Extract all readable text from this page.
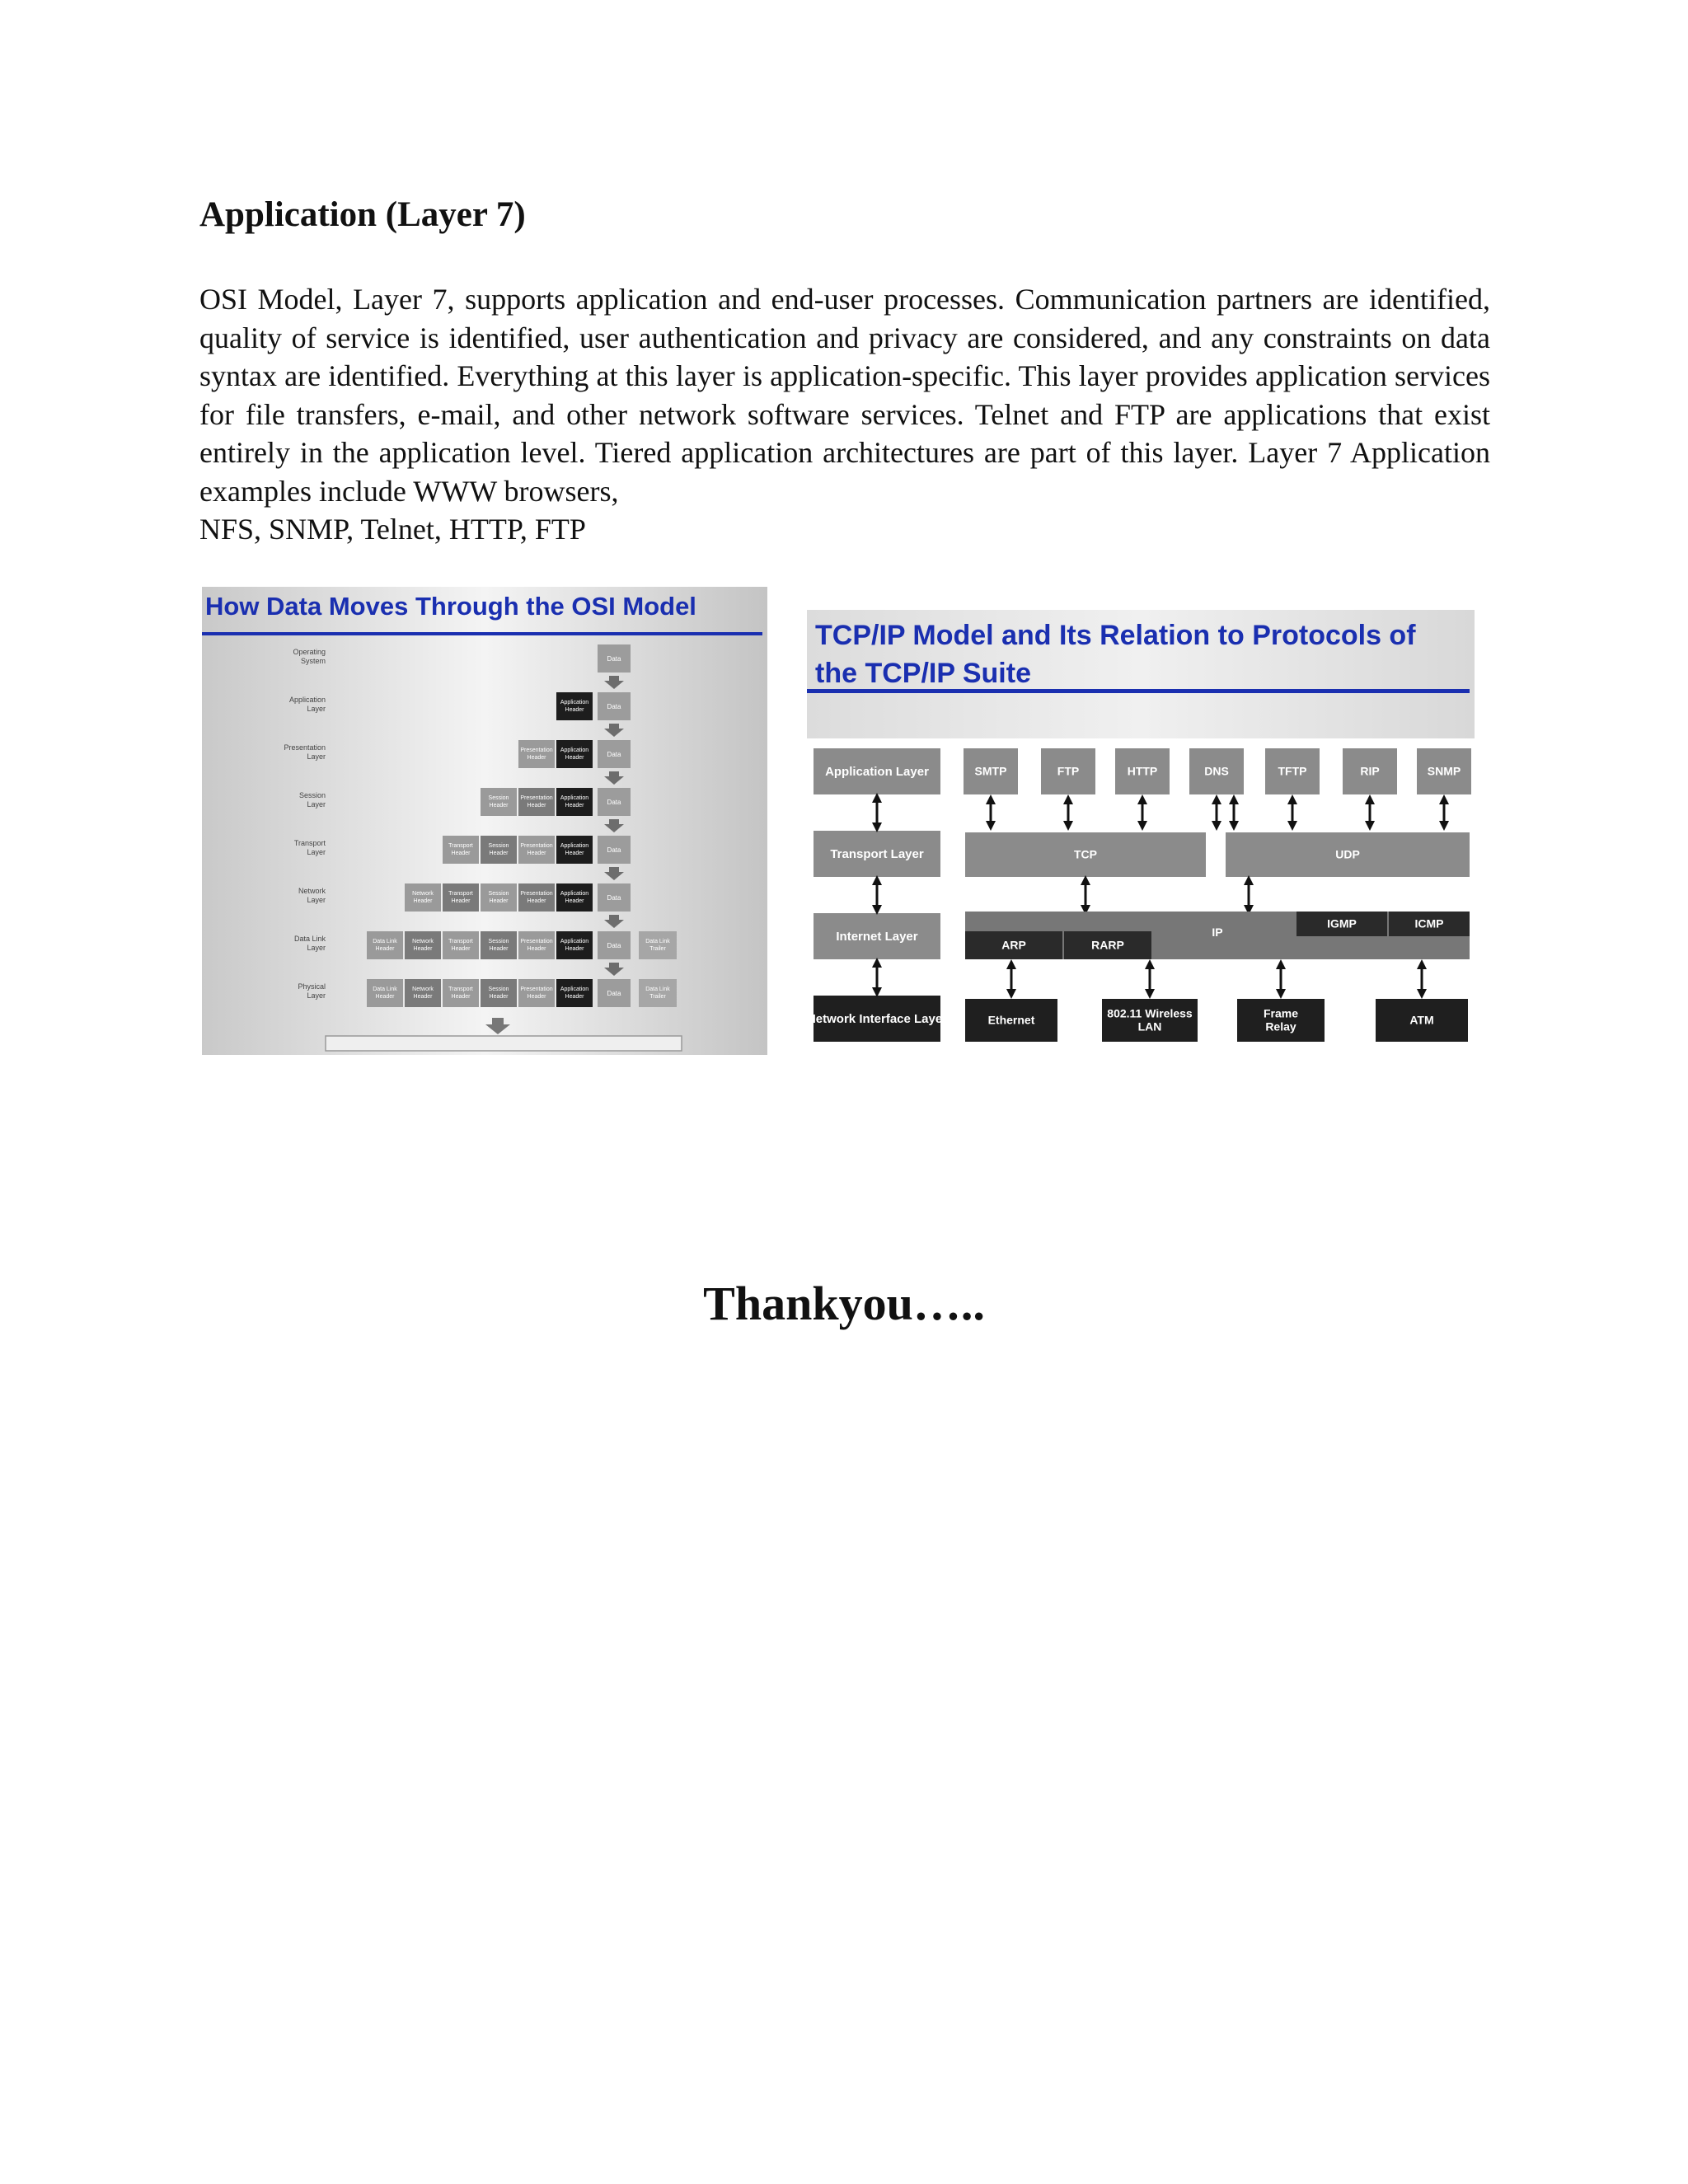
Application (Layer 7)
OSI Model, Layer 7, supports application and end-user processes. Communication partners are identified, quality of service is identified, user authentication and privacy are considered, and any constraints on data syntax are identified. Everything at this layer is application-specific. This layer provides application services for file transfers, e-mail, and other network software services. Telnet and FTP are applications that exist entirely in the application level. Tiered application architectures are part of this layer. Layer 7 Application examples include WWW browsers,
NFS, SNMP, Telnet, HTTP, FTP
How Data Moves Through the OSI Model
Operating
System	Data
Application
Layer
Application
Header	Data
Presentation
Layer
Presentation
Header
Application
Header	Data
Session
Layer
Session
Header
Presentation
Header
Application
Header	Data
Transport
Layer
Transport
Header
Session
Header
Presentation
Header
Application
Header	Data
Network
Layer
Network
Header
Transport
Header
Session
Header
Presentation
Header
Application
Header	Data
Data Link
Layer
Data Link
Header
Network
Header
Transport
Header
Session
Header
Presentation
Header
Application
Header	Data
Data Link
Trailer
Physical
Layer
Data Link
Header
Network
Header
Transport
Header
Session
Header
Presentation
Header
Application
Header	Data
Data Link
Trailer
TCP/IP Model and Its Relation to Protocols of
the TCP/IP Suite
Application Layer
Transport Layer
Internet Layer
Network Interface Layer
SMTP	FTP	HTTP	DNS	TFTP	RIP	SNMP
TCP	UDP
IP
ARP	RARP
IGMP	ICMP
Ethernet	802.11 Wireless
LAN
Frame
Relay	ATM
Thankyou…..
